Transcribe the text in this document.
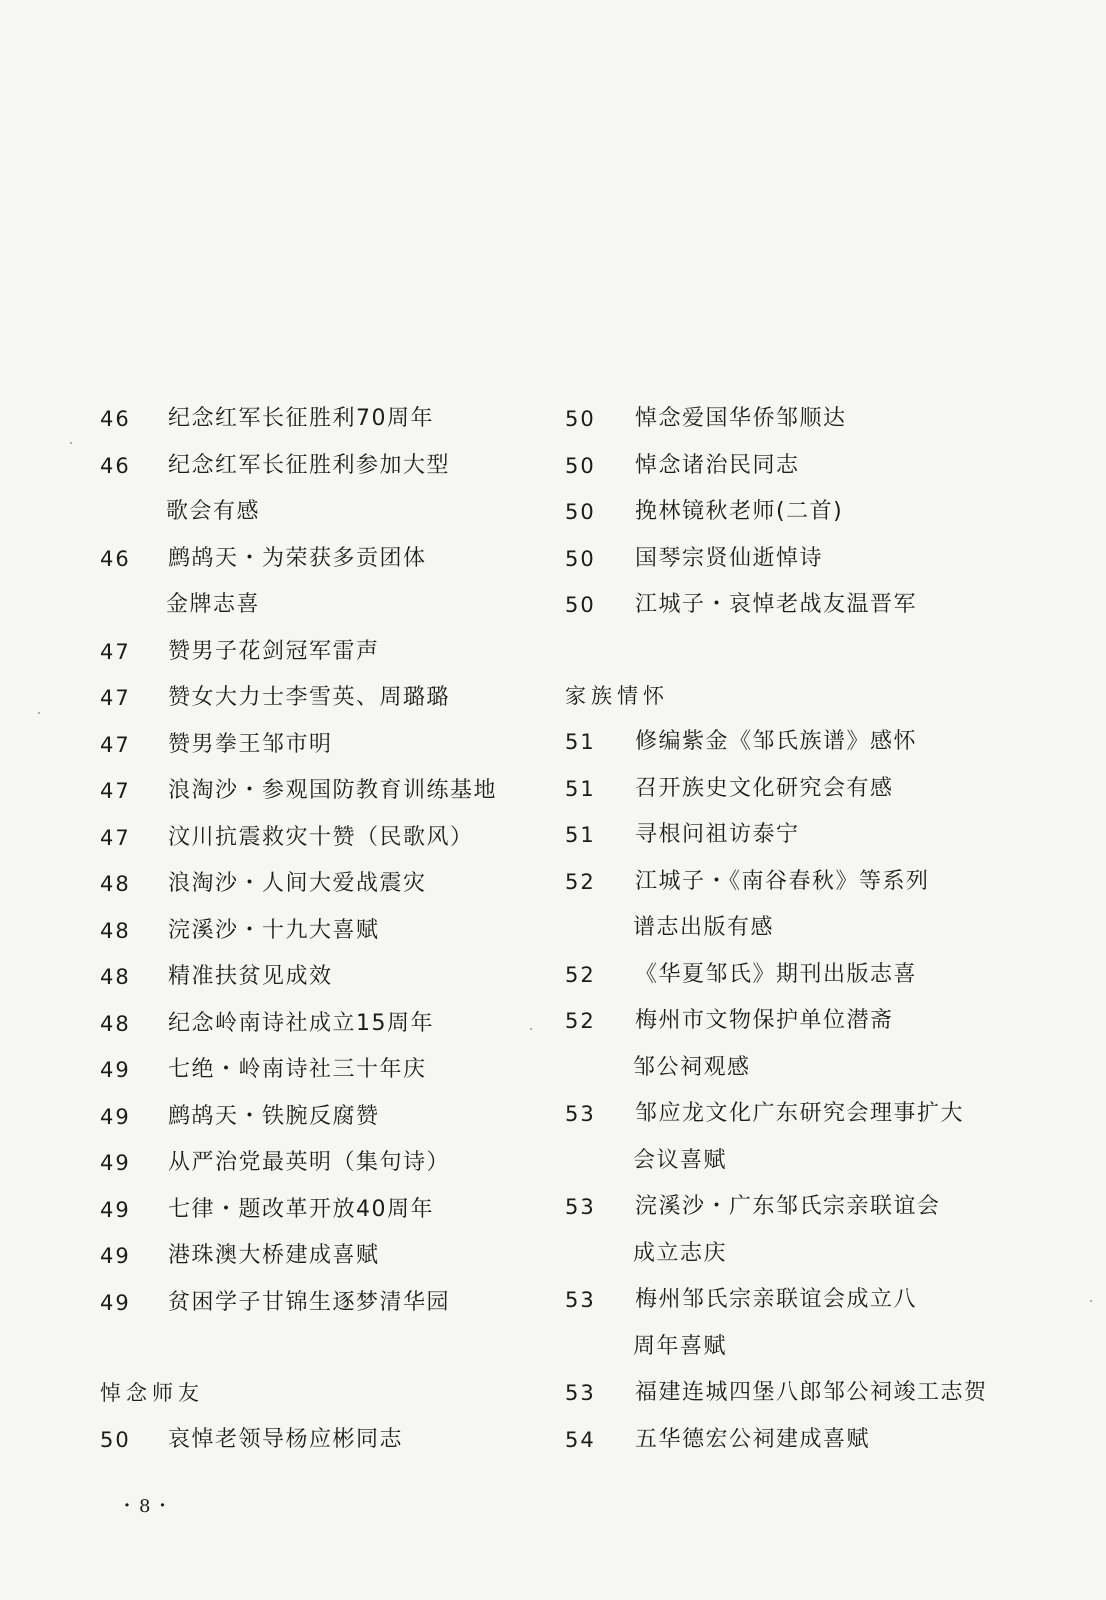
46	纪念红军长征胜利70周年
46	纪念红军长征胜利参加大型
歌会有感
46	鹧鸪天・为荣获多贡团体
金牌志喜
47	赞男子花剑冠军雷声
47	赞女大力士李雪英、周璐璐
47	赞男拳王邹市明
47	浪淘沙・参观国防教育训练基地
47	汶川抗震救灾十赞（民歌风）
48	浪淘沙・人间大爱战震灾
48	浣溪沙・十九大喜赋
48	精准扶贫见成效
48	纪念岭南诗社成立15周年
49	七绝・岭南诗社三十年庆
49	鹧鸪天・铁腕反腐赞
49	从严治党最英明（集句诗）
49	七律・题改革开放40周年
49	港珠澳大桥建成喜赋
49	贫困学子甘锦生逐梦清华园
悼念师友
50	哀悼老领导杨应彬同志
50	悼念爱国华侨邹顺达
50	悼念诸治民同志
50	挽林镜秋老师(二首)
50	国琴宗贤仙逝悼诗
50	江城子・哀悼老战友温晋军
家族情怀
51	修编紫金《邹氏族谱》感怀
51	召开族史文化研究会有感
51	寻根问祖访泰宁
52	江城子・《南谷春秋》等系列
谱志出版有感
52	《华夏邹氏》期刊出版志喜
52	梅州市文物保护单位潜斋
邹公祠观感
53	邹应龙文化广东研究会理事扩大
会议喜赋
53	浣溪沙・广东邹氏宗亲联谊会
成立志庆
53	梅州邹氏宗亲联谊会成立八
周年喜赋
53	福建连城四堡八郎邹公祠竣工志贺
54	五华德宏公祠建成喜赋
・8・
